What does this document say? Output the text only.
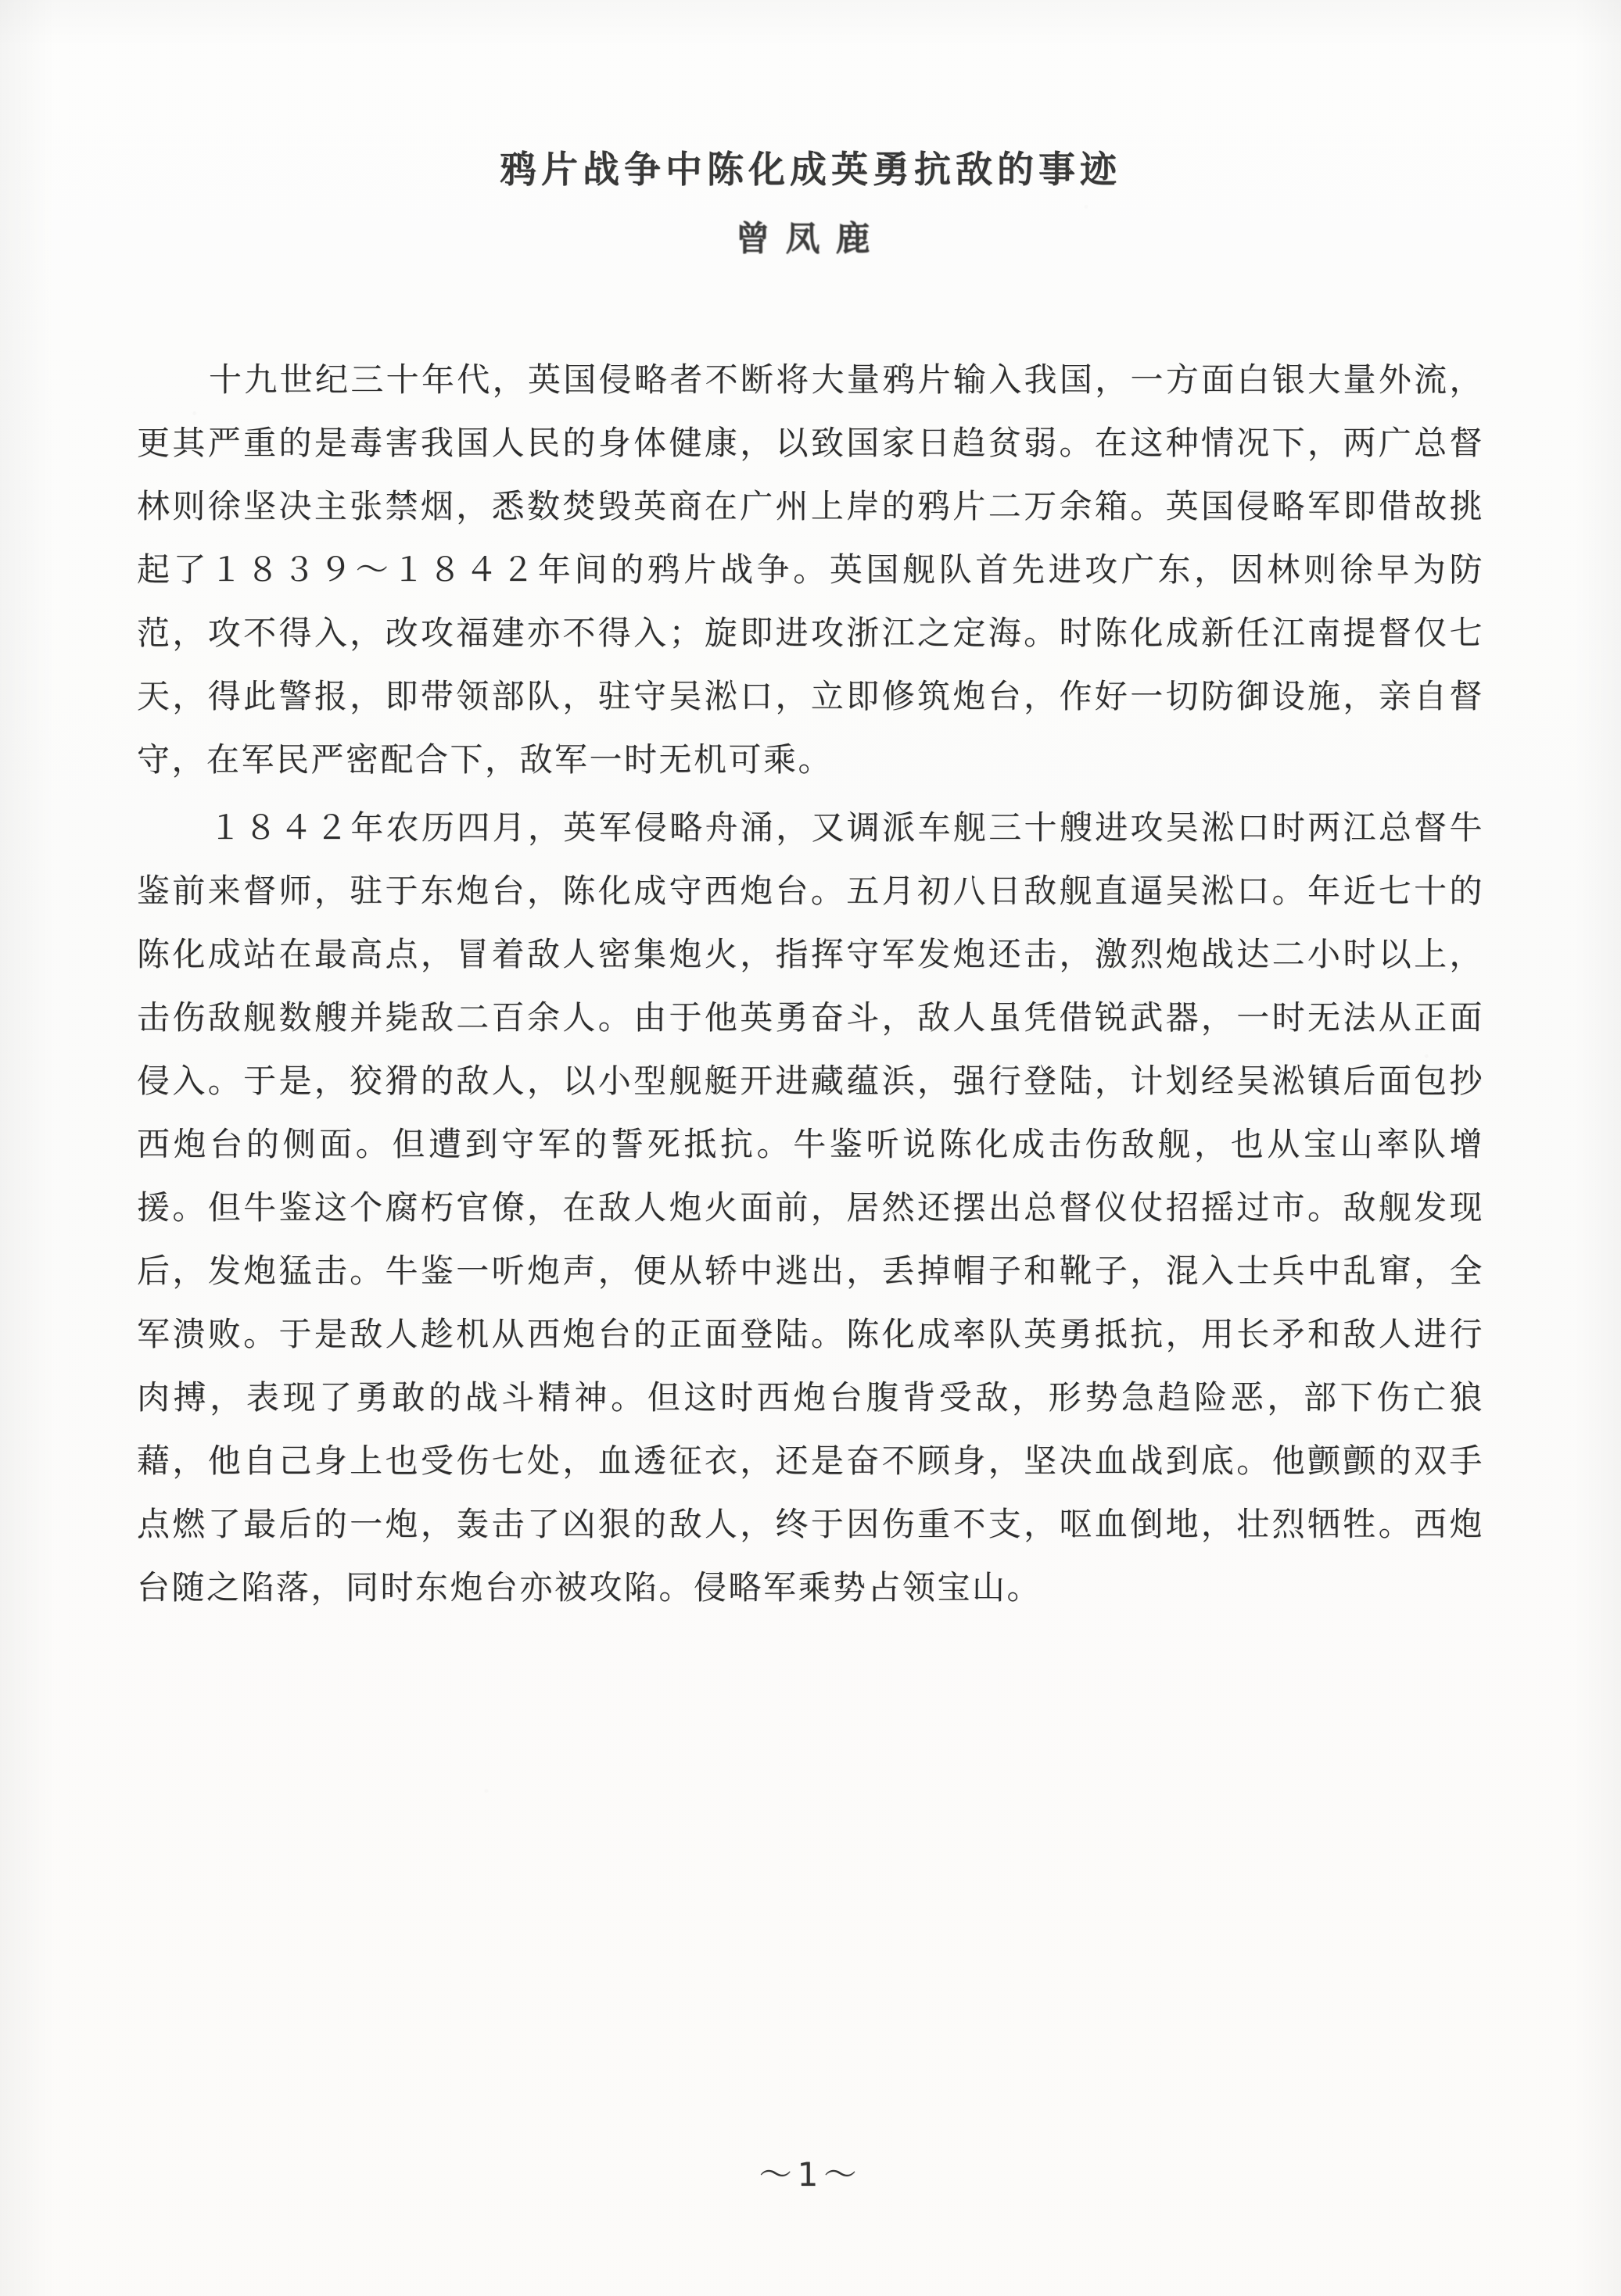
鸦片战争中陈化成英勇抗敌的事迹
曾凤鹿

十九世纪三十年代，英国侵略者不断将大量鸦片输入我国，一方面白银大量外流，更其严重的是毒害我国人民的身体健康，以致国家日趋贫弱。在这种情况下，两广总督林则徐坚决主张禁烟，悉数焚毁英商在广州上岸的鸦片二万余箱。英国侵略军即借故挑起了１８３９～１８４２年间的鸦片战争。英国舰队首先进攻广东，因林则徐早为防范，攻不得入，改攻福建亦不得入；旋即进攻浙江之定海。时陈化成新任江南提督仅七天，得此警报，即带领部队，驻守吴淞口，立即修筑炮台，作好一切防御设施，亲自督守，在军民严密配合下，敌军一时无机可乘。

１８４２年农历四月，英军侵略舟涌，又调派车舰三十艘进攻吴淞口时两江总督牛鉴前来督师，驻于东炮台，陈化成守西炮台。五月初八日敌舰直逼吴淞口。年近七十的陈化成站在最高点，冒着敌人密集炮火，指挥守军发炮还击，激烈炮战达二小时以上，击伤敌舰数艘并毙敌二百余人。由于他英勇奋斗，敌人虽凭借锐武器，一时无法从正面侵入。于是，狡猾的敌人，以小型舰艇开进藏蕴浜，强行登陆，计划经吴淞镇后面包抄西炮台的侧面。但遭到守军的誓死抵抗。牛鉴听说陈化成击伤敌舰，也从宝山率队增援。但牛鉴这个腐朽官僚，在敌人炮火面前，居然还摆出总督仪仗招摇过市。敌舰发现后，发炮猛击。牛鉴一听炮声，便从轿中逃出，丢掉帽子和靴子，混入士兵中乱窜，全军溃败。于是敌人趁机从西炮台的正面登陆。陈化成率队英勇抵抗，用长矛和敌人进行肉搏，表现了勇敢的战斗精神。但这时西炮台腹背受敌，形势急趋险恶，部下伤亡狼藉，他自己身上也受伤七处，血透征衣，还是奋不顾身，坚决血战到底。他颤颤的双手点燃了最后的一炮，轰击了凶狠的敌人，终于因伤重不支，呕血倒地，壮烈牺牲。西炮台随之陷落，同时东炮台亦被攻陷。侵略军乘势占领宝山。

～1～
